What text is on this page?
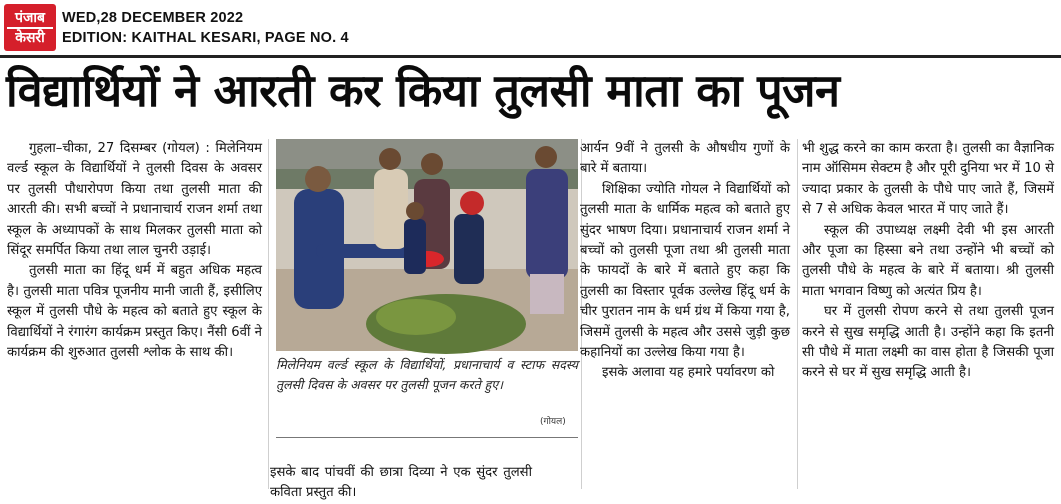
पंजाब
केसरी
WED,28 DECEMBER 2022
EDITION: KAITHAL KESARI, PAGE NO. 4
विद्यार्थियों ने आरती कर किया तुलसी माता का पूजन

गुहला–चीका, 27 दिसम्बर (गोयल) : मिलेनियम वर्ल्ड स्कूल के विद्यार्थियों ने तुलसी दिवस के अवसर पर तुलसी पौधारोपण किया तथा तुलसी माता की आरती की। सभी बच्चों ने प्रधानाचार्य राजन शर्मा तथा स्कूल के अध्यापकों के साथ मिलकर तुलसी माता को सिंदूर समर्पित किया तथा लाल चुनरी उड़ाई।

तुलसी माता का हिंदू धर्म में बहुत अधिक महत्व है। तुलसी माता पवित्र पूजनीय मानी जाती हैं, इसीलिए स्कूल में तुलसी पौधे के महत्व को बताते हुए स्कूल के विद्यार्थियों ने रंगारंग कार्यक्रम प्रस्तुत किए। नैंसी 6वीं ने कार्यक्रम की शुरुआत तुलसी श्लोक के साथ की।

मिलेनियम वर्ल्ड स्कूल के विद्यार्थियों, प्रधानाचार्य व स्टाफ सदस्य तुलसी दिवस के अवसर पर तुलसी पूजन करते हुए।
(गोयल)

इसके बाद पांचवीं की छात्रा दिव्या ने एक सुंदर तुलसी कविता प्रस्तुत की।

आर्यन 9वीं ने तुलसी के औषधीय गुणों के बारे में बताया।

शिक्षिका ज्योति गोयल ने विद्यार्थियों को तुलसी माता के धार्मिक महत्व को बताते हुए सुंदर भाषण दिया। प्रधानाचार्य राजन शर्मा ने बच्चों को तुलसी पूजा तथा श्री तुलसी माता के फायदों के बारे में बताते हुए कहा कि तुलसी का विस्तार पूर्वक उल्लेख हिंदू धर्म के चीर पुरातन नाम के धर्म ग्रंथ में किया गया है, जिसमें तुलसी के महत्व और उससे जुड़ी कुछ कहानियों का उल्लेख किया गया है।

इसके अलावा यह हमारे पर्यावरण को

भी शुद्ध करने का काम करता है। तुलसी का वैज्ञानिक नाम ऑसिमम सेक्टम है और पूरी दुनिया भर में 10 से ज्यादा प्रकार के तुलसी के पौधे पाए जाते हैं, जिसमें से 7 से अधिक केवल भारत में पाए जाते हैं।

स्कूल की उपाध्यक्ष लक्ष्मी देवी भी इस आरती और पूजा का हिस्सा बने तथा उन्होंने भी बच्चों को तुलसी पौधे के महत्व के बारे में बताया। श्री तुलसी माता भगवान विष्णु को अत्यंत प्रिय है।

घर में तुलसी रोपण करने से तथा तुलसी पूजन करने से सुख समृद्धि आती है। उन्होंने कहा कि इतनी सी पौधे में माता लक्ष्मी का वास होता है जिसकी पूजा करने से घर में सुख समृद्धि आती है।
